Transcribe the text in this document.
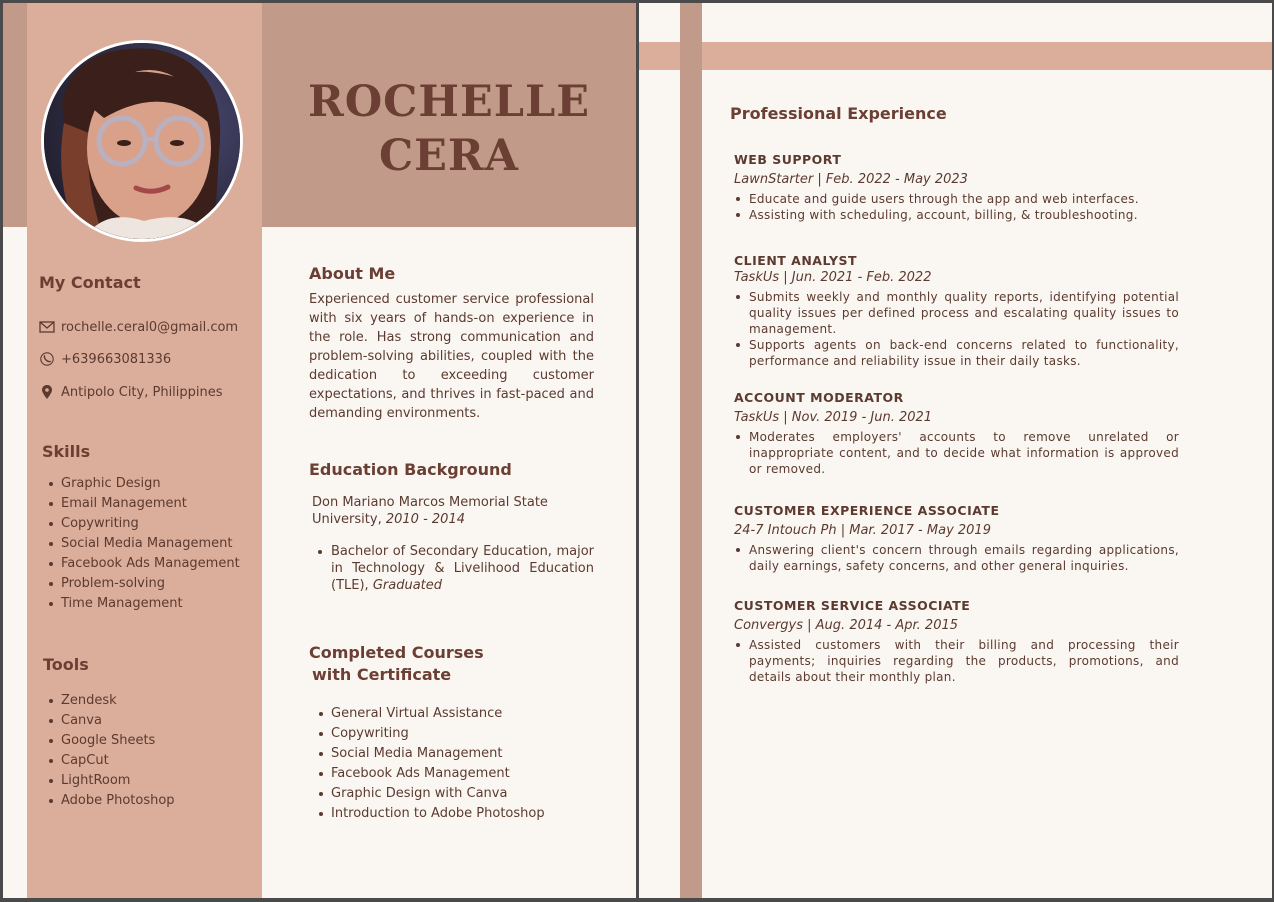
ROCHELLE
CERA
My Contact
rochelle.ceral0@gmail.com
+639663081336
Antipolo City, Philippines
Skills
Graphic Design
Email Management
Copywriting
Social Media Management
Facebook Ads Management
Problem-solving
Time Management
Tools
Zendesk
Canva
Google Sheets
CapCut
LightRoom
Adobe Photoshop
About Me

Experienced customer service professional with six years of hands-on experience in the role. Has strong communication and problem-solving abilities, coupled with the dedication to exceeding customer expectations, and thrives in fast-paced and demanding environments.

Education Background

Don Mariano Marcos Memorial State University, 2010 - 2014

Bachelor of Secondary Education, major in Technology & Livelihood Education (TLE), Graduated
Completed Courses
with Certificate
General Virtual Assistance
Copywriting
Social Media Management
Facebook Ads Management
Graphic Design with Canva
Introduction to Adobe Photoshop
Professional Experience

WEB SUPPORT

LawnStarter | Feb. 2022 - May 2023

Educate and guide users through the app and web interfaces.
Assisting with scheduling, account, billing, & troubleshooting.

CLIENT ANALYST

TaskUs | Jun. 2021 - Feb. 2022

Submits weekly and monthly quality reports, identifying potential quality issues per defined process and escalating quality issues to management.
Supports agents on back-end concerns related to functionality, performance and reliability issue in their daily tasks.

ACCOUNT MODERATOR

TaskUs | Nov. 2019 - Jun. 2021

Moderates employers' accounts to remove unrelated or inappropriate content, and to decide what information is approved or removed.

CUSTOMER EXPERIENCE ASSOCIATE

24-7 Intouch Ph | Mar. 2017 - May 2019

Answering client's concern through emails regarding applications, daily earnings, safety concerns, and other general inquiries.

CUSTOMER SERVICE ASSOCIATE

Convergys | Aug. 2014 - Apr. 2015

Assisted customers with their billing and processing their payments; inquiries regarding the products, promotions, and details about their monthly plan.
